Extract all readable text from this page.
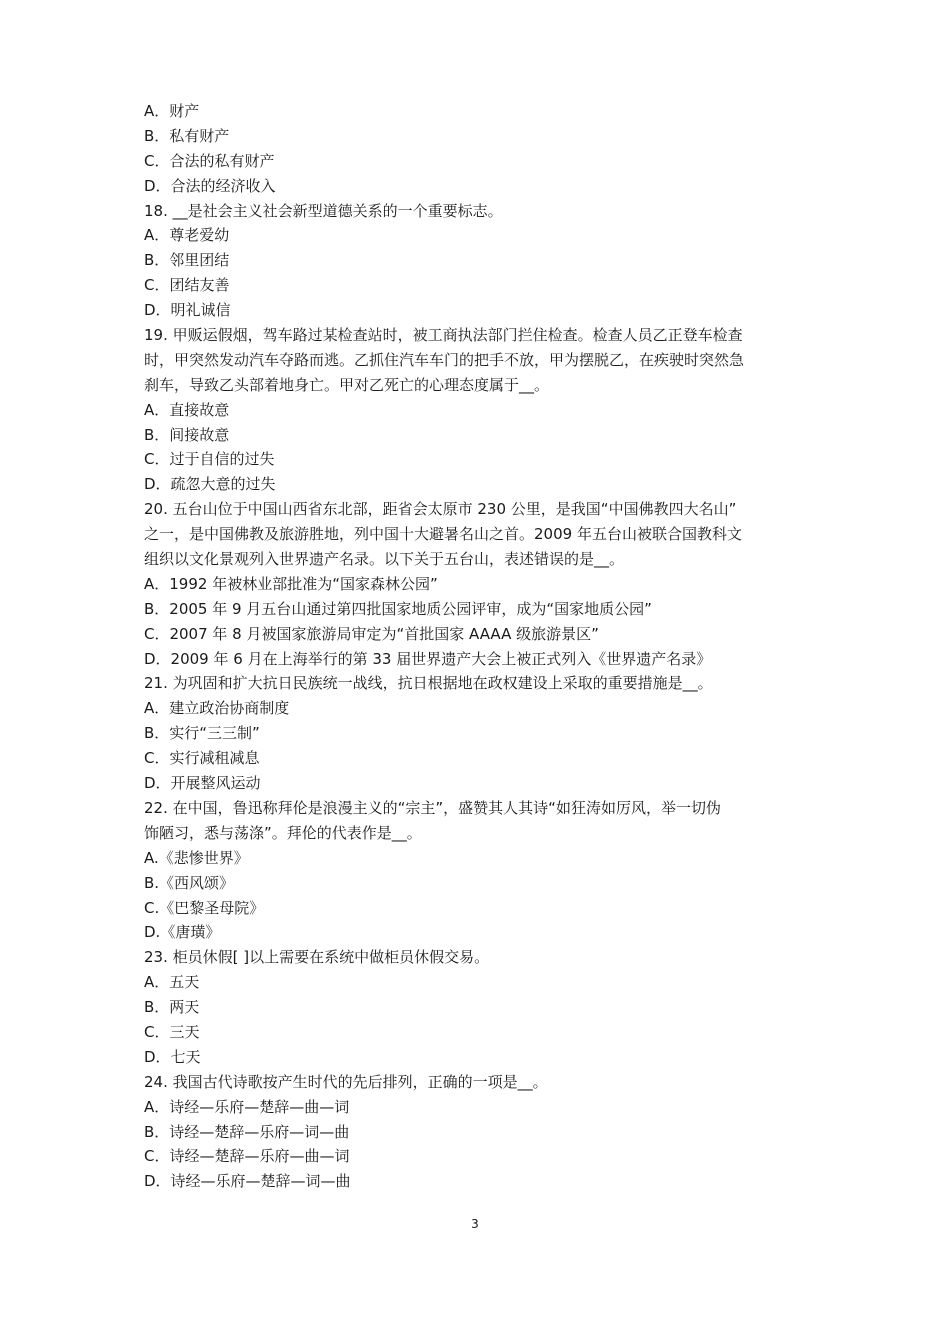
A．财产
B．私有财产
C．合法的私有财产
D．合法的经济收入
18. __是社会主义社会新型道德关系的一个重要标志。
A．尊老爱幼
B．邻里团结
C．团结友善
D．明礼诚信
19. 甲贩运假烟，驾车路过某检查站时，被工商执法部门拦住检查。检查人员乙正登车检查
时，甲突然发动汽车夺路而逃。乙抓住汽车车门的把手不放，甲为摆脱乙，在疾驶时突然急
刹车，导致乙头部着地身亡。甲对乙死亡的心理态度属于__。
A．直接故意
B．间接故意
C．过于自信的过失
D．疏忽大意的过失
20. 五台山位于中国山西省东北部，距省会太原市 230 公里，是我国“中国佛教四大名山”
之一，是中国佛教及旅游胜地，列中国十大避暑名山之首。2009 年五台山被联合国教科文
组织以文化景观列入世界遗产名录。以下关于五台山，表述错误的是__。
A．1992 年被林业部批准为“国家森林公园”
B．2005 年 9 月五台山通过第四批国家地质公园评审，成为“国家地质公园”
C．2007 年 8 月被国家旅游局审定为“首批国家 AAAA 级旅游景区”
D．2009 年 6 月在上海举行的第 33 届世界遗产大会上被正式列入《世界遗产名录》
21. 为巩固和扩大抗日民族统一战线，抗日根据地在政权建设上采取的重要措施是__。
A．建立政治协商制度
B．实行“三三制”
C．实行减租减息
D．开展整风运动
22. 在中国，鲁迅称拜伦是浪漫主义的“宗主”，盛赞其人其诗“如狂涛如厉风，举一切伪
饰陋习，悉与荡涤”。拜伦的代表作是__。
A.《悲惨世界》
B.《西风颂》
C.《巴黎圣母院》
D.《唐璜》
23. 柜员休假[ ]以上需要在系统中做柜员休假交易。
A．五天
B．两天
C．三天
D．七天
24. 我国古代诗歌按产生时代的先后排列，正确的一项是__。
A．诗经—乐府—楚辞—曲—词
B．诗经—楚辞—乐府—词—曲
C．诗经—楚辞—乐府—曲—词
D．诗经—乐府—楚辞—词—曲
3
